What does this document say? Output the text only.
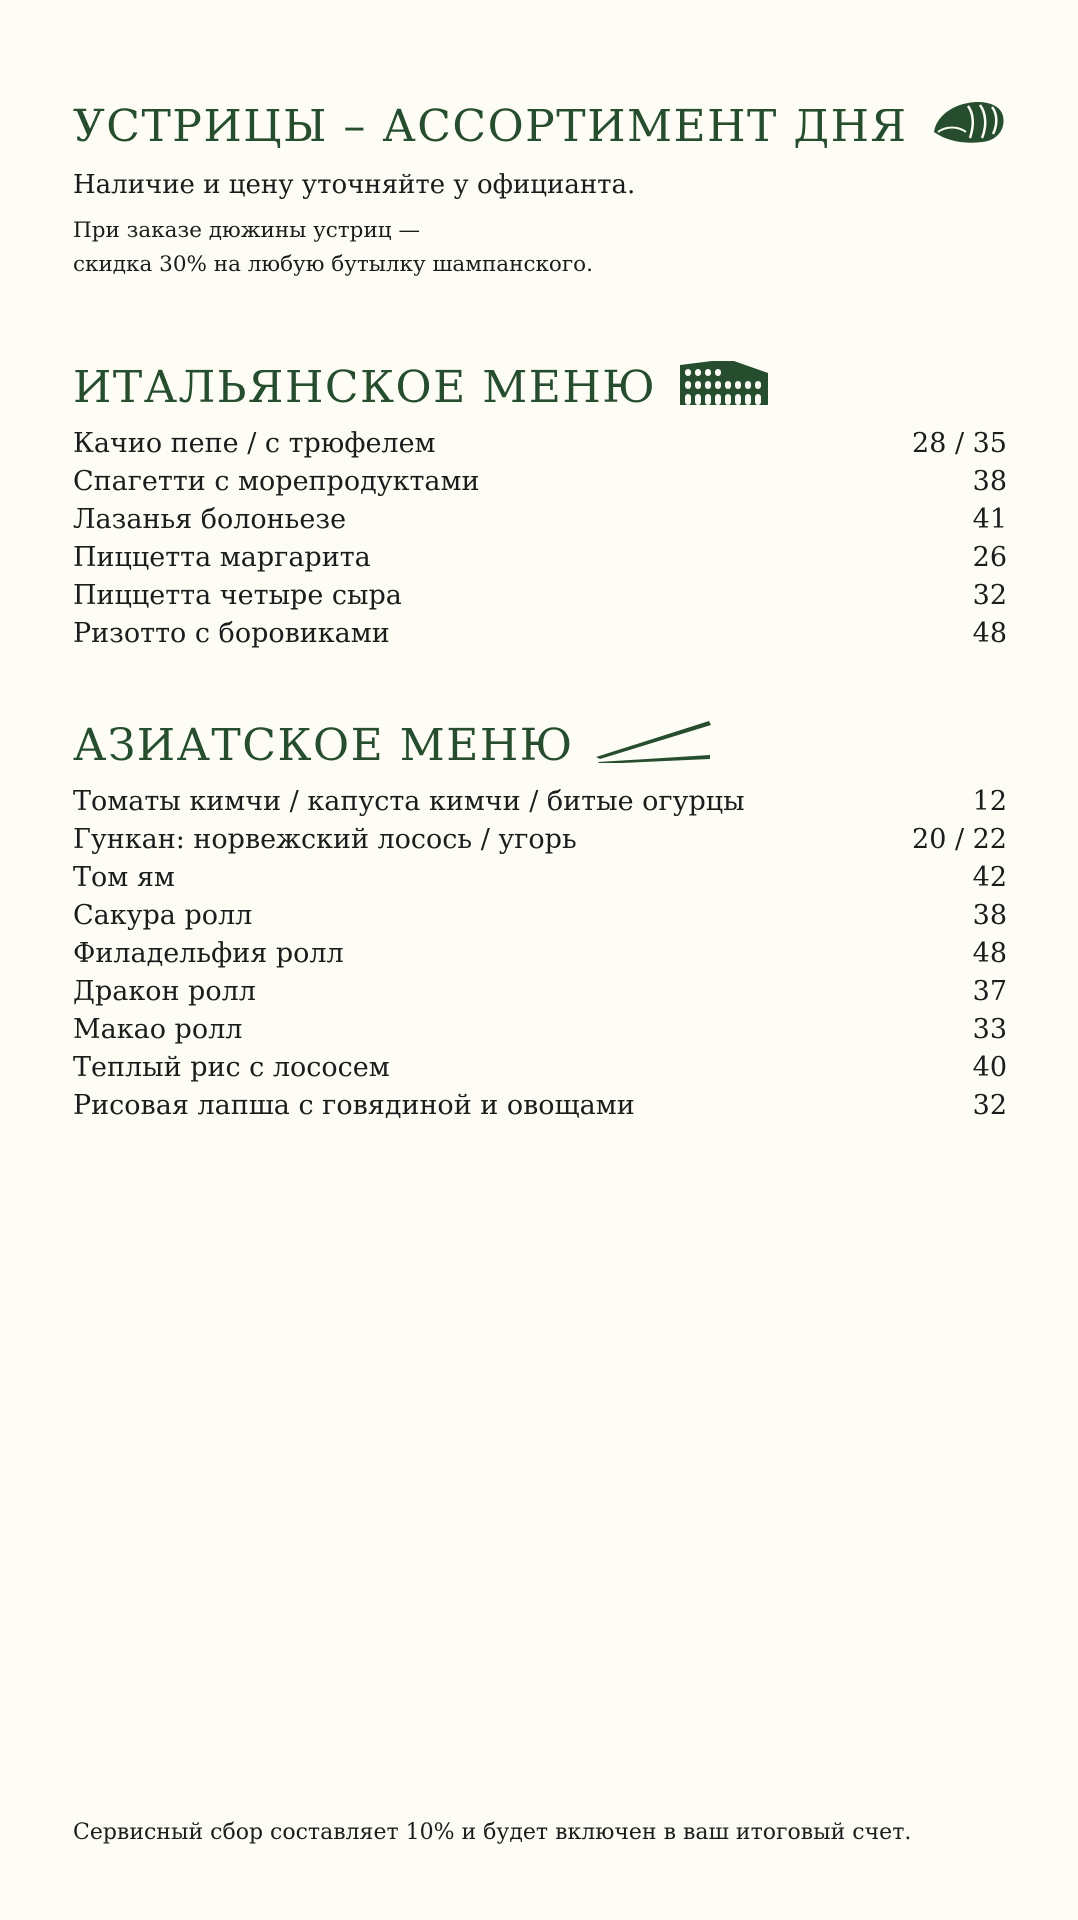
УСТРИЦЫ – АССОРТИМЕНТ ДНЯ

Наличие и цену уточняйте у официанта.

При заказе дюжины устриц —
скидка 30% на любую бутылку шампанского.

ИТАЛЬЯНСКОЕ МЕНЮ
Качио пепе / с трюфелем	28 / 35
Спагетти с морепродуктами	38
Лазанья болоньезе	41
Пиццетта маргарита	26
Пиццетта четыре сыра	32
Ризотто с боровиками	48
АЗИАТСКОЕ МЕНЮ
Томаты кимчи / капуста кимчи / битые огурцы	12
Гункан: норвежский лосось / угорь	20 / 22
Том ям	42
Сакура ролл	38
Филадельфия ролл	48
Дракон ролл	37
Макао ролл	33
Теплый рис с лососем	40
Рисовая лапша с говядиной и овощами	32

Сервисный сбор составляет 10% и будет включен в ваш итоговый счет.
